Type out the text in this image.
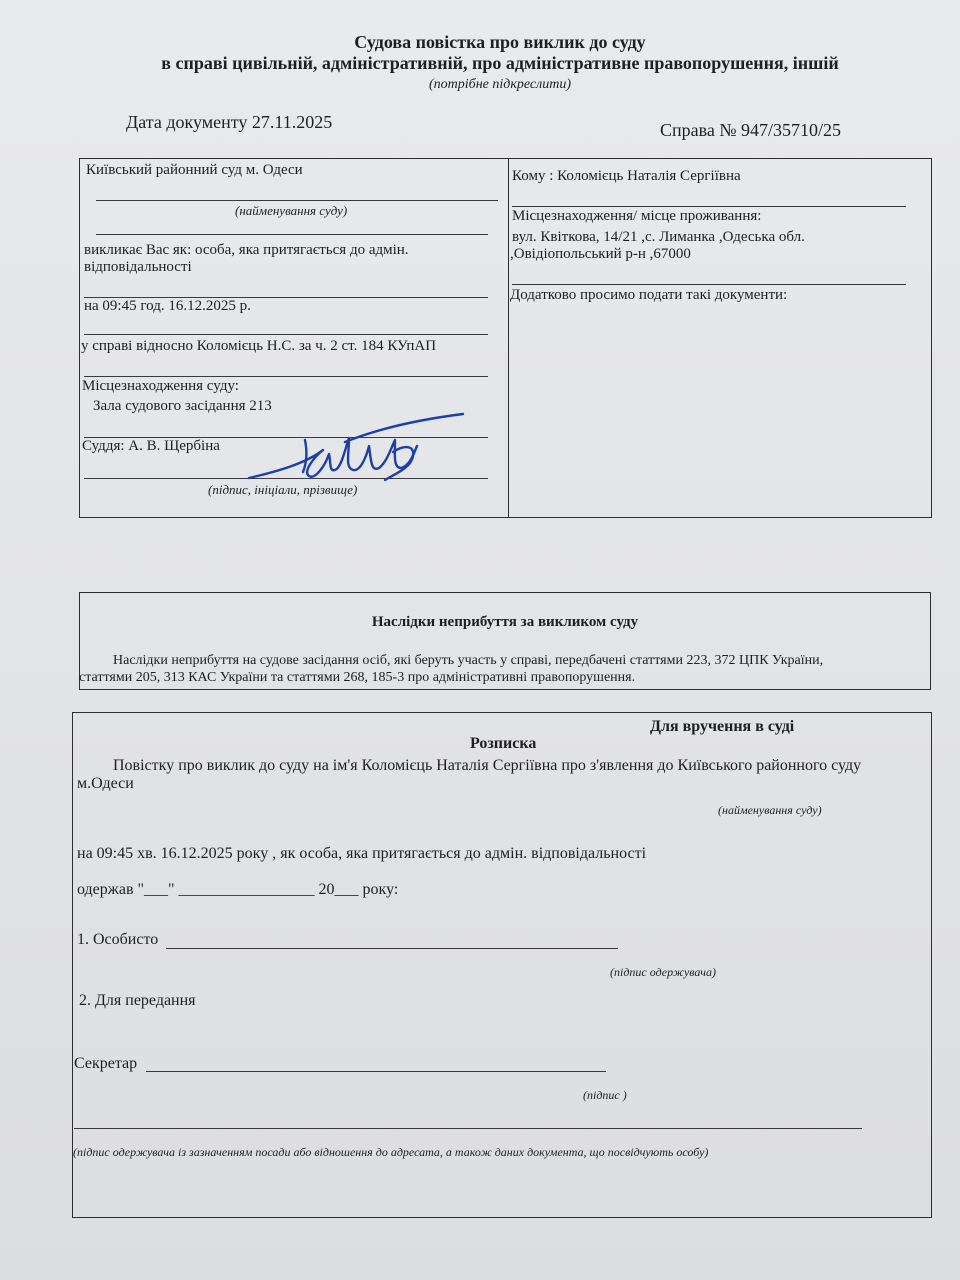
Судова повістка про виклик до суду
в справі цивільній, адміністративній, про адміністративне правопорушення, іншій
(потрібне підкреслити)
Дата документу 27.11.2025	Справа № 947/35710/25
Київський районний суд м. Одеси
(найменування суду)
викликає Вас як: особа, яка притягається до адмін.
відповідальності
на 09:45 год. 16.12.2025 р.
у справі відносно Коломієць Н.С. за ч. 2 ст. 184 КУпАП
Місцезнаходження суду:
Зала судового засідання 213
Суддя: А. В. Щербіна
(підпис, ініціали, прізвище)
Кому : Коломієць Наталія Сергіївна
Місцезнаходження/ місце проживання:
вул. Квіткова, 14/21 ,с. Лиманка ,Одеська обл.
,Овідіопольський р-н ,67000
Додатково просимо подати такі документи:
Наслідки неприбуття за викликом суду
Наслідки неприбуття на судове засідання осіб, які беруть участь у справі, передбачені статтями 223, 372 ЦПК України,
статтями 205, 313 КАС України та статтями 268, 185-3 про адміністративні правопорушення.
Для вручення в суді
Розписка
Повістку про виклик до суду на ім'я Коломієць Наталія Сергіївна про з'явлення до Київського районного суду
м.Одеси
(найменування суду)
на 09:45 хв. 16.12.2025 року , як особа, яка притягається до адмін. відповідальності
одержав "___" _________________ 20___ року:
1. Особисто
(підпис одержувача)
2. Для передання
Секретар
(підпис )
(підпис одержувача із зазначенням посади або відношення до адресата, а також даних документа, що посвідчують особу)
